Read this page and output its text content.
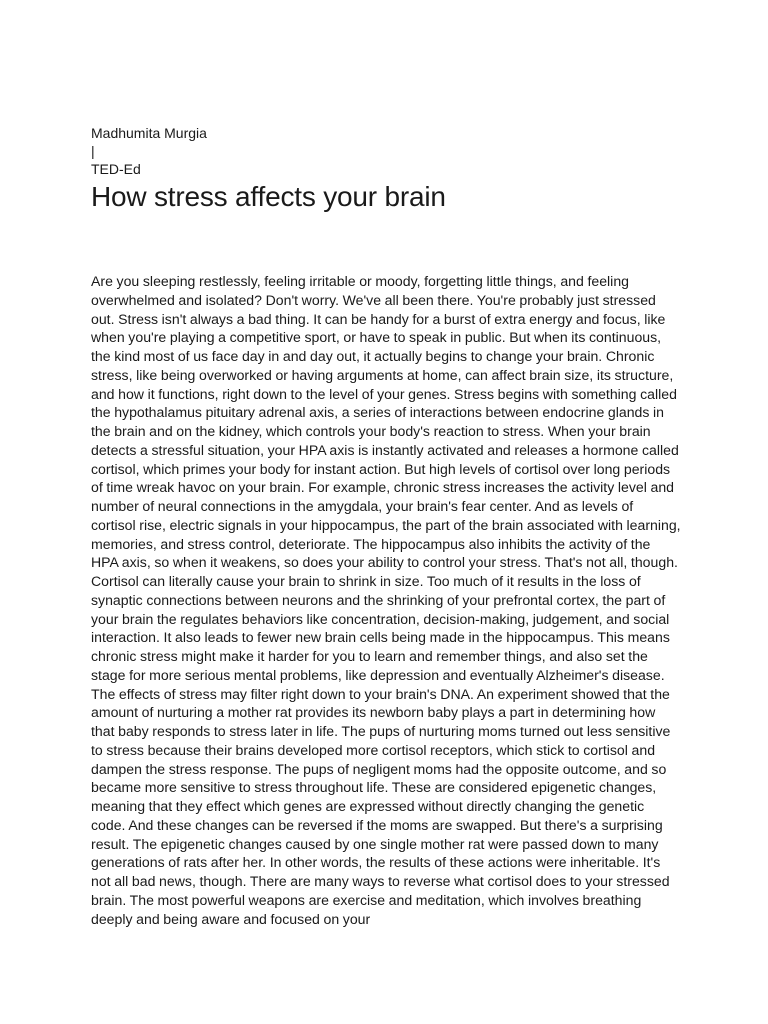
Madhumita Murgia

|

TED-Ed

How stress affects your brain

Are you sleeping restlessly, feeling irritable or moody, forgetting little things, and feeling overwhelmed and isolated? Don't worry. We've all been there. You're probably just stressed out. Stress isn't always a bad thing. It can be handy for a burst of extra energy and focus, like when you're playing a competitive sport, or have to speak in public. But when its continuous, the kind most of us face day in and day out, it actually begins to change your brain. Chronic stress, like being overworked or having arguments at home, can affect brain size, its structure, and how it functions, right down to the level of your genes. Stress begins with something called the hypothalamus pituitary adrenal axis, a series of interactions between endocrine glands in the brain and on the kidney, which controls your body's reaction to stress. When your brain detects a stressful situation, your HPA axis is instantly activated and releases a hormone called cortisol, which primes your body for instant action. But high levels of cortisol over long periods of time wreak havoc on your brain. For example, chronic stress increases the activity level and number of neural connections in the amygdala, your brain's fear center. And as levels of cortisol rise, electric signals in your hippocampus, the part of the brain associated with learning, memories, and stress control, deteriorate. The hippocampus also inhibits the activity of the HPA axis, so when it weakens, so does your ability to control your stress. That's not all, though. Cortisol can literally cause your brain to shrink in size. Too much of it results in the loss of synaptic connections between neurons and the shrinking of your prefrontal cortex, the part of your brain the regulates behaviors like concentration, decision-making, judgement, and social interaction. It also leads to fewer new brain cells being made in the hippocampus. This means chronic stress might make it harder for you to learn and remember things, and also set the stage for more serious mental problems, like depression and eventually Alzheimer's disease. The effects of stress may filter right down to your brain's DNA. An experiment showed that the amount of nurturing a mother rat provides its newborn baby plays a part in determining how that baby responds to stress later in life. The pups of nurturing moms turned out less sensitive to stress because their brains developed more cortisol receptors, which stick to cortisol and dampen the stress response. The pups of negligent moms had the opposite outcome, and so became more sensitive to stress throughout life. These are considered epigenetic changes, meaning that they effect which genes are expressed without directly changing the genetic code. And these changes can be reversed if the moms are swapped. But there's a surprising result. The epigenetic changes caused by one single mother rat were passed down to many generations of rats after her. In other words, the results of these actions were inheritable. It's not all bad news, though. There are many ways to reverse what cortisol does to your stressed brain. The most powerful weapons are exercise and meditation, which involves breathing deeply and being aware and focused on your
